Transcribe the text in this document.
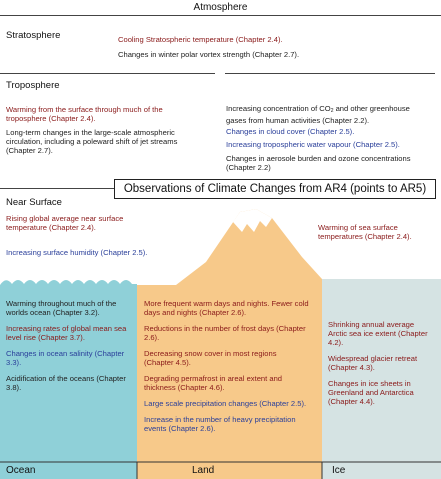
Atmosphere
Stratosphere	Cooling Stratospheric temperature (Chapter 2.4).
Changes in winter polar vortex strength (Chapter 2.7).
Troposphere
Warming from the surface through much of the troposphere (Chapter 2.4).
Long-term changes in the large-scale atmospheric circulation, including a poleward shift of jet streams (Chapter 2.7).
Increasing concentration of $CO_2$ and other greenhouse gases from human activities (Chapter 2.2).
Changes in cloud cover (Chapter 2.5).
Increasing tropospheric water vapour (Chapter 2.5).
Changes in aerosole burden and ozone concentrations (Chapter 2.2)
Observations of Climate Changes from AR4 (points to AR5)
Near Surface
Rising global average near surface temperature (Chapter 2.4).
Increasing surface humidity (Chapter 2.5).
Warming of sea surface temperatures (Chapter 2.4).
Warming throughout much of the worlds ocean (Chapter 3.2).
Increasing rates of global mean sea level rise (Chapter 3.7).
Changes in ocean salinity (Chapter 3.3).
Acidification of the oceans (Chapter 3.8).
More frequent warm days and nights. Fewer cold days and nights (Chapter 2.6).
Reductions in the number of frost days (Chapter 2.6).
Decreasing snow cover in most regions (Chapter 4.5).
Degrading permafrost in areal extent and thickness (Chapter 4.6).
Large scale precipitation changes (Chapter 2.5).
Increase in the number of heavy precipitation events (Chapter 2.6).
Shrinking annual average Arctic sea ice extent (Chapter 4.2).
Widespread glacier retreat (Chapter 4.3).
Changes in ice sheets in Greenland and Antarctica (Chapter 4.4).
Ocean	Land	Ice
